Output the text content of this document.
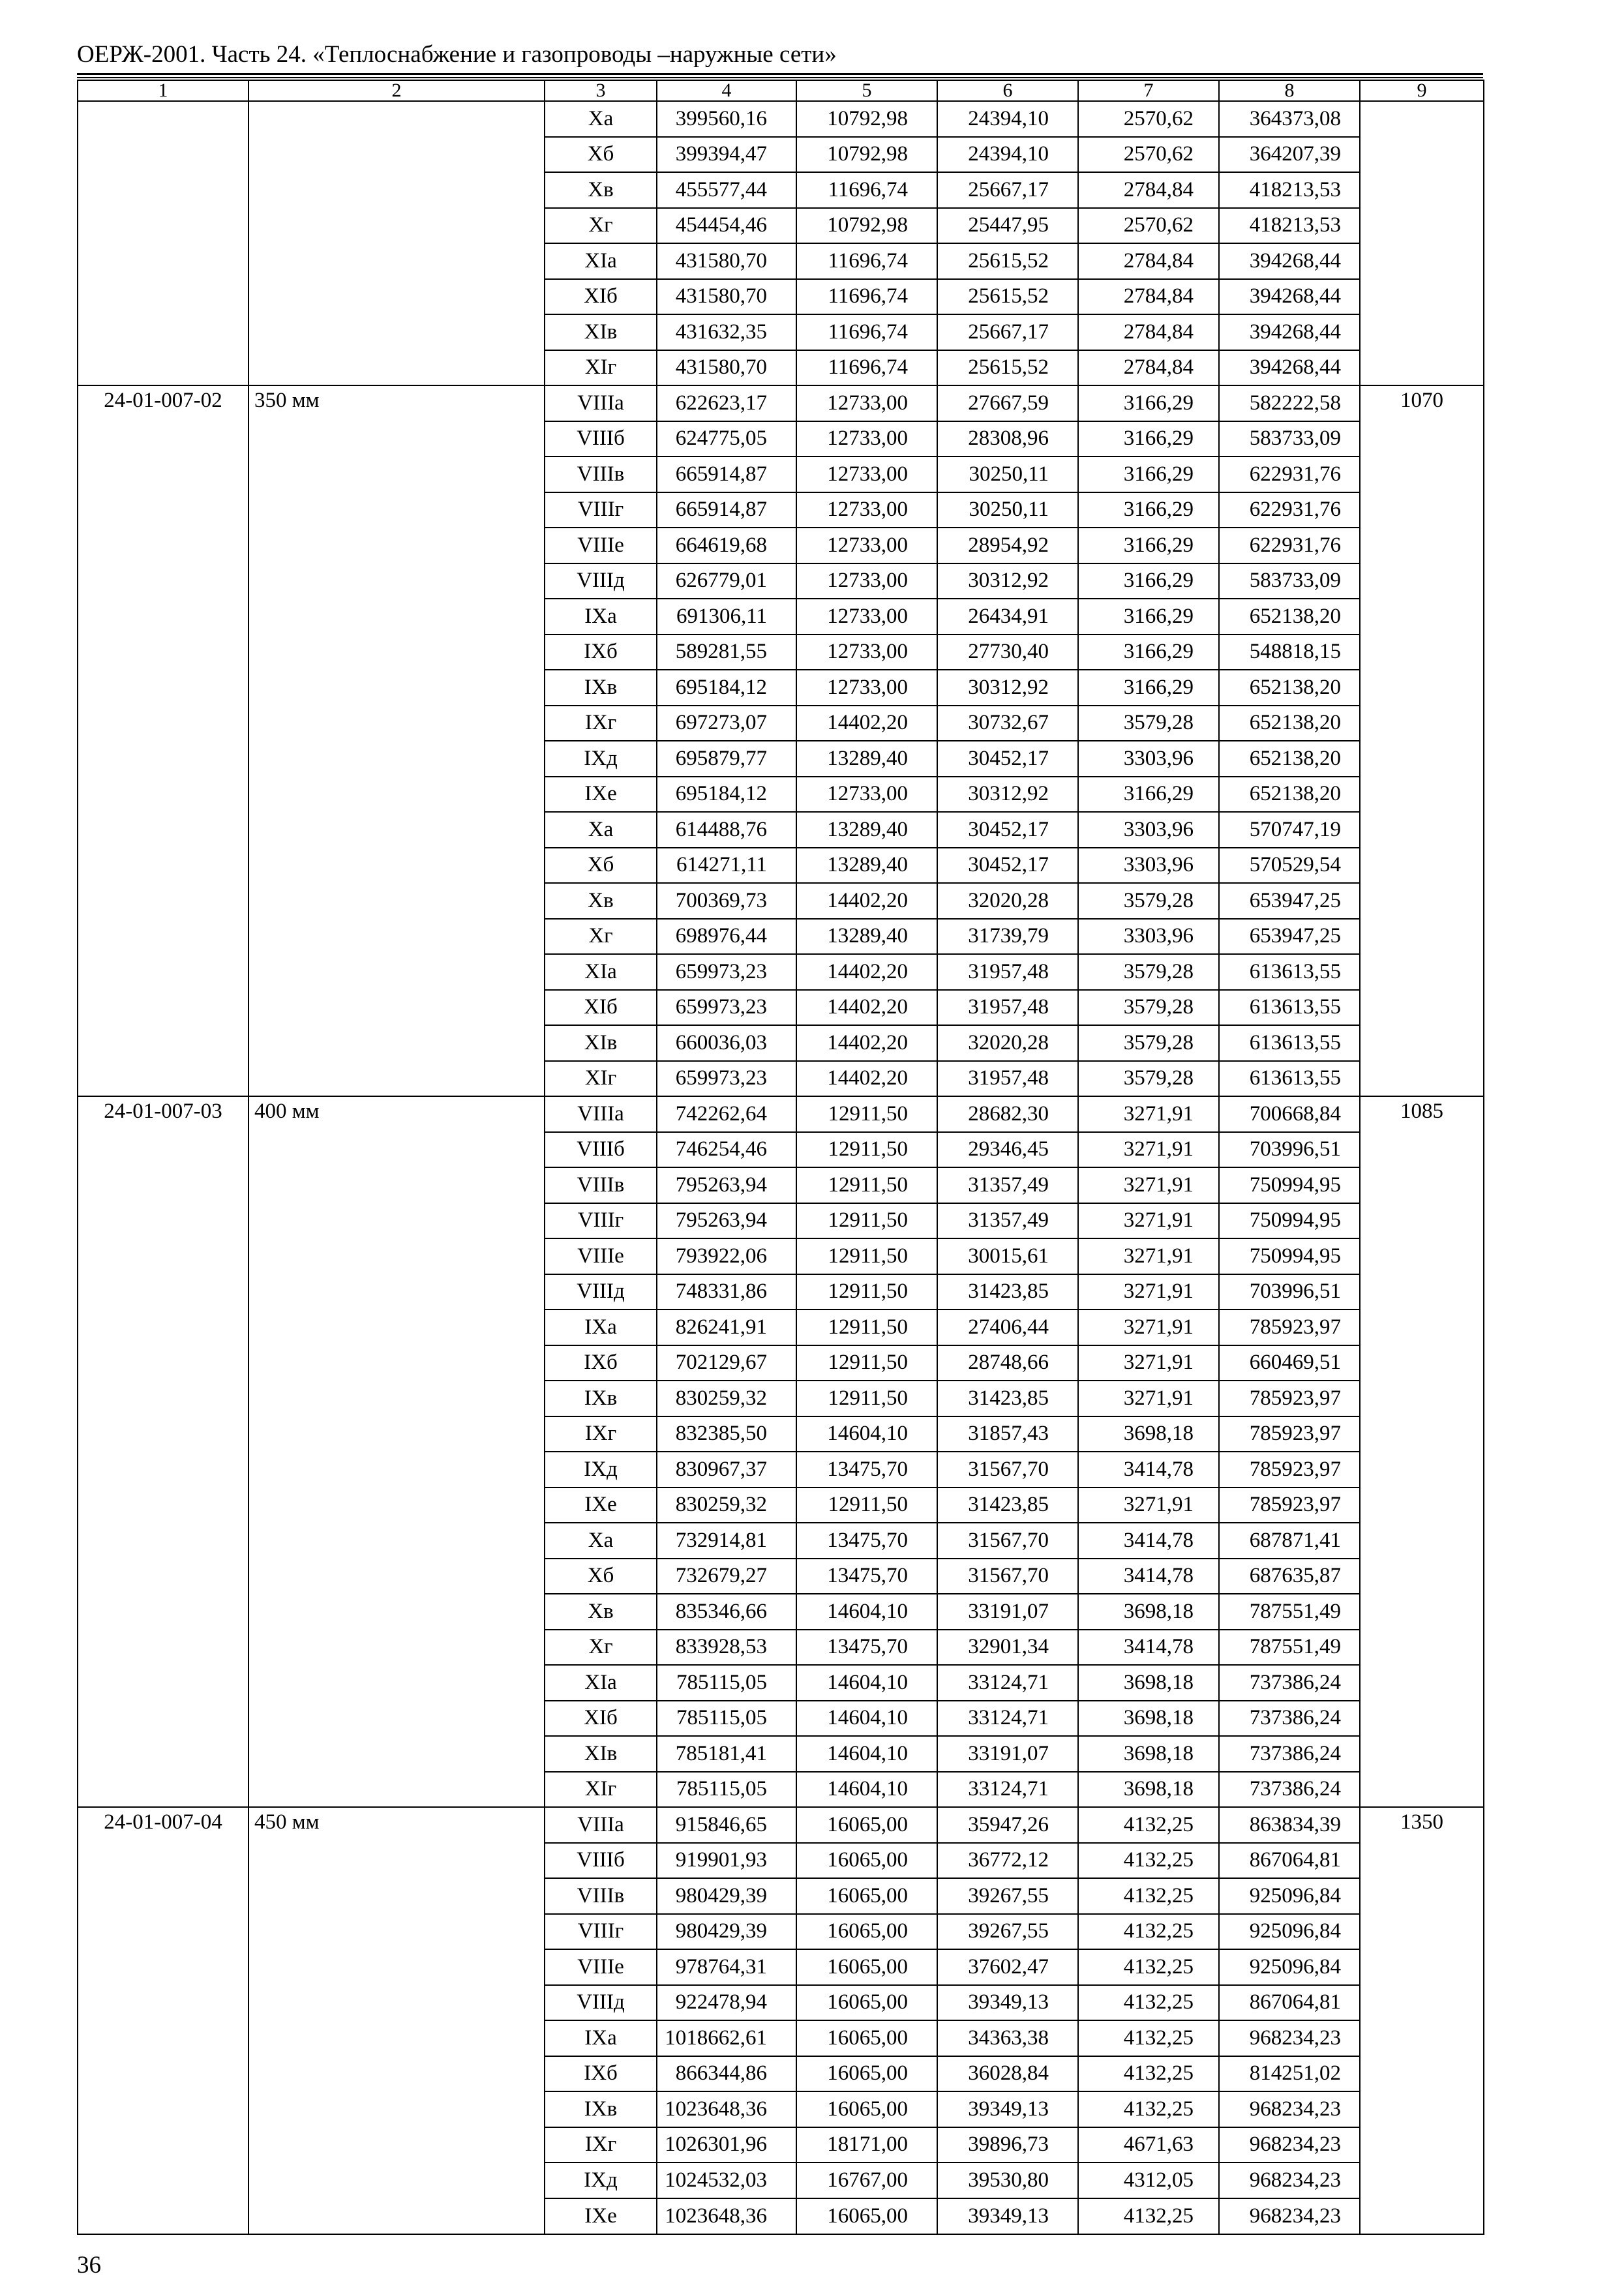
ОЕРЖ-2001. Часть 24. «Теплоснабжение и газопроводы –наружные сети»
1	2	3	4	5	6	7	8	9
		Xa	399560,16	10792,98	24394,10	2570,62	364373,08	
		Xб	399394,47	10792,98	24394,10	2570,62	364207,39	
		Xв	455577,44	11696,74	25667,17	2784,84	418213,53	
		Xг	454454,46	10792,98	25447,95	2570,62	418213,53	
		XIa	431580,70	11696,74	25615,52	2784,84	394268,44	
		XIб	431580,70	11696,74	25615,52	2784,84	394268,44	
		XIв	431632,35	11696,74	25667,17	2784,84	394268,44	
		XIг	431580,70	11696,74	25615,52	2784,84	394268,44	
24-01-007-02	350 мм	VIIIa	622623,17	12733,00	27667,59	3166,29	582222,58	1070
		VIIIб	624775,05	12733,00	28308,96	3166,29	583733,09	
		VIIIв	665914,87	12733,00	30250,11	3166,29	622931,76	
		VIIIг	665914,87	12733,00	30250,11	3166,29	622931,76	
		VIIIe	664619,68	12733,00	28954,92	3166,29	622931,76	
		VIIIд	626779,01	12733,00	30312,92	3166,29	583733,09	
		IXa	691306,11	12733,00	26434,91	3166,29	652138,20	
		IXб	589281,55	12733,00	27730,40	3166,29	548818,15	
		IXв	695184,12	12733,00	30312,92	3166,29	652138,20	
		IXг	697273,07	14402,20	30732,67	3579,28	652138,20	
		IXд	695879,77	13289,40	30452,17	3303,96	652138,20	
		IXe	695184,12	12733,00	30312,92	3166,29	652138,20	
		Xa	614488,76	13289,40	30452,17	3303,96	570747,19	
		Xб	614271,11	13289,40	30452,17	3303,96	570529,54	
		Xв	700369,73	14402,20	32020,28	3579,28	653947,25	
		Xг	698976,44	13289,40	31739,79	3303,96	653947,25	
		XIa	659973,23	14402,20	31957,48	3579,28	613613,55	
		XIб	659973,23	14402,20	31957,48	3579,28	613613,55	
		XIв	660036,03	14402,20	32020,28	3579,28	613613,55	
		XIг	659973,23	14402,20	31957,48	3579,28	613613,55	
24-01-007-03	400 мм	VIIIa	742262,64	12911,50	28682,30	3271,91	700668,84	1085
		VIIIб	746254,46	12911,50	29346,45	3271,91	703996,51	
		VIIIв	795263,94	12911,50	31357,49	3271,91	750994,95	
		VIIIг	795263,94	12911,50	31357,49	3271,91	750994,95	
		VIIIe	793922,06	12911,50	30015,61	3271,91	750994,95	
		VIIIд	748331,86	12911,50	31423,85	3271,91	703996,51	
		IXa	826241,91	12911,50	27406,44	3271,91	785923,97	
		IXб	702129,67	12911,50	28748,66	3271,91	660469,51	
		IXв	830259,32	12911,50	31423,85	3271,91	785923,97	
		IXг	832385,50	14604,10	31857,43	3698,18	785923,97	
		IXд	830967,37	13475,70	31567,70	3414,78	785923,97	
		IXe	830259,32	12911,50	31423,85	3271,91	785923,97	
		Xa	732914,81	13475,70	31567,70	3414,78	687871,41	
		Xб	732679,27	13475,70	31567,70	3414,78	687635,87	
		Xв	835346,66	14604,10	33191,07	3698,18	787551,49	
		Xг	833928,53	13475,70	32901,34	3414,78	787551,49	
		XIa	785115,05	14604,10	33124,71	3698,18	737386,24	
		XIб	785115,05	14604,10	33124,71	3698,18	737386,24	
		XIв	785181,41	14604,10	33191,07	3698,18	737386,24	
		XIг	785115,05	14604,10	33124,71	3698,18	737386,24	
24-01-007-04	450 мм	VIIIa	915846,65	16065,00	35947,26	4132,25	863834,39	1350
		VIIIб	919901,93	16065,00	36772,12	4132,25	867064,81	
		VIIIв	980429,39	16065,00	39267,55	4132,25	925096,84	
		VIIIг	980429,39	16065,00	39267,55	4132,25	925096,84	
		VIIIe	978764,31	16065,00	37602,47	4132,25	925096,84	
		VIIIд	922478,94	16065,00	39349,13	4132,25	867064,81	
		IXa	1018662,61	16065,00	34363,38	4132,25	968234,23	
		IXб	866344,86	16065,00	36028,84	4132,25	814251,02	
		IXв	1023648,36	16065,00	39349,13	4132,25	968234,23	
		IXг	1026301,96	18171,00	39896,73	4671,63	968234,23	
		IXд	1024532,03	16767,00	39530,80	4312,05	968234,23	
		IXe	1023648,36	16065,00	39349,13	4132,25	968234,23	
36
